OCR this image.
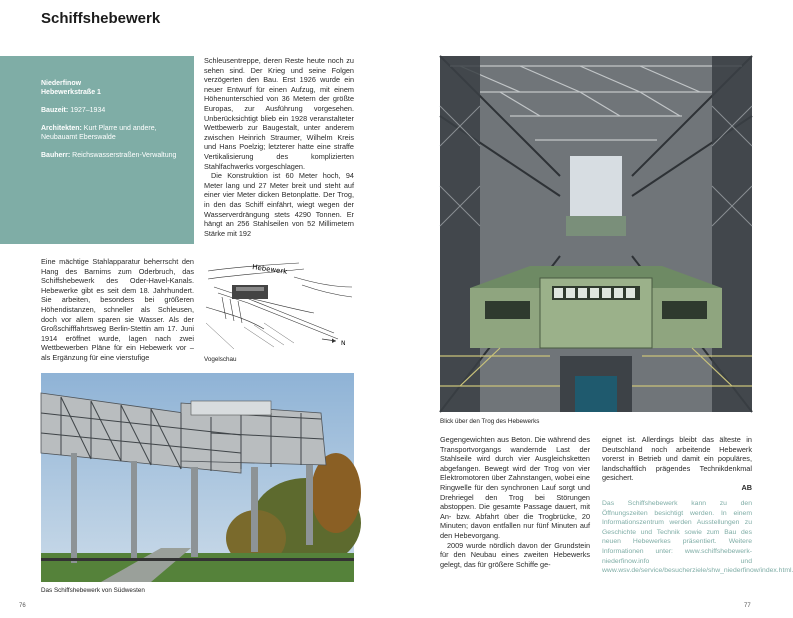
Schiffshebewerk

Niederfinow
Hebewerkstraße 1

Bauzeit: 1927–1934

Architekten: Kurt Plarre und andere, Neubauamt Eberswalde

Bauherr: Reichswasserstraßen-Verwaltung

Eine mächtige Stahlapparatur beherrscht den Hang des Barnims zum Oderbruch, das Schiffshebewerk des Oder-Havel-Kanals. Hebewerke gibt es seit dem 18. Jahrhundert. Sie arbeiten, besonders bei größeren Höhendistanzen, schneller als Schleusen, doch vor allem sparen sie Wasser. Als der Großschifffahrtsweg Berlin-Stettin am 17. Juni 1914 eröffnet wurde, lagen nach zwei Wettbewerben Pläne für ein Hebewerk vor – als Ergänzung für eine vierstufige

Schleusentreppe, deren Reste heute noch zu sehen sind. Der Krieg und seine Folgen verzögerten den Bau. Erst 1926 wurde ein neuer Entwurf für einen Aufzug, mit einem Höhenunterschied von 36 Metern der größte Europas, zur Ausführung vorgesehen. Unberücksichtigt blieb ein 1928 veranstalteter Wettbewerb zur Baugestalt, unter anderem zwischen Heinrich Straumer, Wilhelm Kreis und Hans Poelzig; letzterer hatte eine straffe Vertikalisierung des komplizierten Stahlfachwerks vorgeschlagen.

Die Konstruktion ist 60 Meter hoch, 94 Meter lang und 27 Meter breit und steht auf einer vier Meter dicken Betonplatte. Der Trog, in den das Schiff einfährt, wiegt wegen der Wasserverdrängung stets 4290 Tonnen. Er hängt an 256 Stahlseilen von 52 Millimetern Stärke mit 192

Hebewerk
N
Vogelschau
Das Schiffshebewerk von Südwesten
Blick über den Trog des Hebewerks

Gegengewichten aus Beton. Die während des Transportvorgangs wandernde Last der Stahlseile wird durch vier Ausgleichsketten abgefangen. Bewegt wird der Trog von vier Elektromotoren über Zahnstangen, wobei eine Ringwelle für den synchronen Lauf sorgt und Drehriegel den Trog bei Störungen abstoppen. Die gesamte Passage dauert, mit An- bzw. Abfahrt über die Trogbrücke, 20 Minuten; davon entfallen nur fünf Minuten auf den Hebevorgang.

2009 wurde nördlich davon der Grundstein für den Neubau eines zweiten Hebewerks gelegt, das für größere Schiffe ge-

eignet ist. Allerdings bleibt das älteste in Deutschland noch arbeitende Hebewerk vorerst in Betrieb und damit ein populäres, landschaftlich prägendes Technikdenkmal gesichert.

AB

Das Schiffshebewerk kann zu den Öffnungszeiten besichtigt werden. In einem Informationszentrum werden Ausstellungen zu Geschichte und Technik sowie zum Bau des neuen Hebewerkes präsentiert. Weitere Informationen unter: www.schiffshebewerk-niederfinow.info und www.wsv.de/service/besucherziele/shw_niederfinow/index.html.

76	77
